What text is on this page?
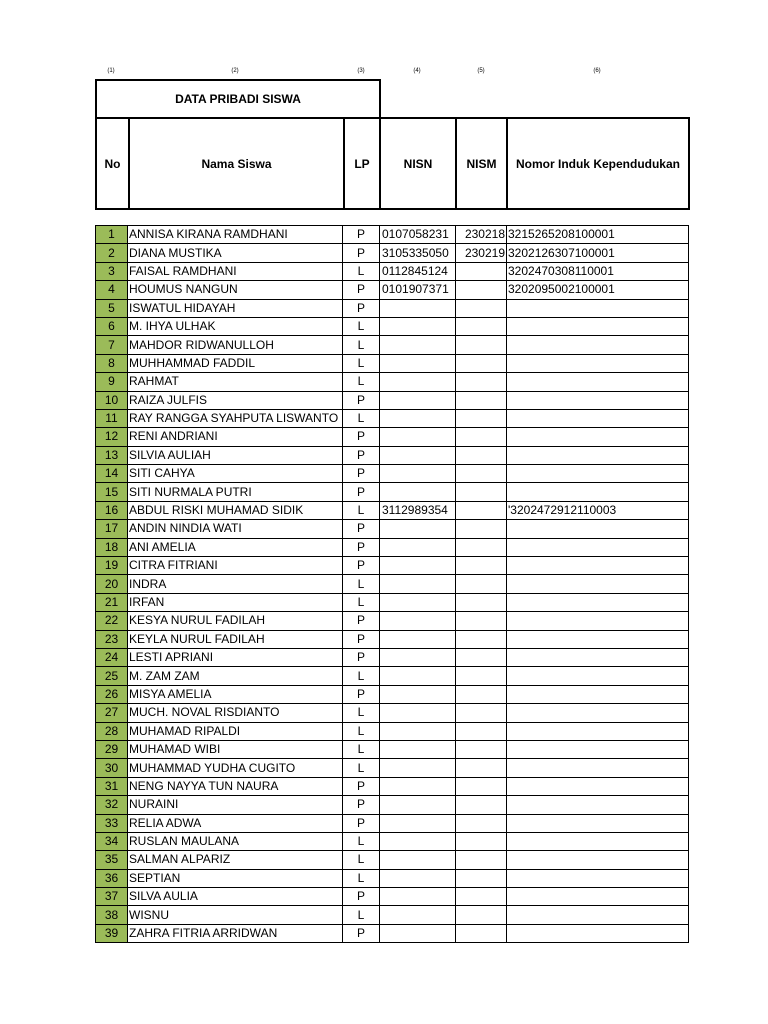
(1)	(2)	(3)	(4)	(5)	(6)
DATA PRIBADI SISWA					
No	Nama Siswa	LP	NISN	NISM	Nomor Induk Kependudukan
1	ANNISA KIRANA RAMDHANI	P	0107058231	230218	3215265208100001
2	DIANA MUSTIKA	P	3105335050	230219	3202126307100001
3	FAISAL RAMDHANI	L	0112845124		3202470308110001
4	HOUMUS NANGUN	P	0101907371		3202095002100001
5	ISWATUL HIDAYAH	P			
6	M. IHYA ULHAK	L			
7	MAHDOR RIDWANULLOH	L			
8	MUHHAMMAD FADDIL	L			
9	RAHMAT	L			
10	RAIZA JULFIS	P			
11	RAY RANGGA SYAHPUTA LISWANTO	L			
12	RENI ANDRIANI	P			
13	SILVIA AULIAH	P			
14	SITI CAHYA	P			
15	SITI NURMALA PUTRI	P			
16	ABDUL RISKI MUHAMAD SIDIK	L	3112989354		'3202472912110003
17	ANDIN NINDIA WATI	P			
18	ANI AMELIA	P			
19	CITRA FITRIANI	P			
20	INDRA	L			
21	IRFAN	L			
22	KESYA NURUL FADILAH	P			
23	KEYLA NURUL FADILAH	P			
24	LESTI APRIANI	P			
25	M. ZAM ZAM	L			
26	MISYA AMELIA	P			
27	MUCH. NOVAL RISDIANTO	L			
28	MUHAMAD RIPALDI	L			
29	MUHAMAD WIBI	L			
30	MUHAMMAD YUDHA CUGITO	L			
31	NENG NAYYA TUN NAURA	P			
32	NURAINI	P			
33	RELIA ADWA	P			
34	RUSLAN MAULANA	L			
35	SALMAN ALPARIZ	L			
36	SEPTIAN	L			
37	SILVA AULIA	P			
38	WISNU	L			
39	ZAHRA FITRIA ARRIDWAN	P			
